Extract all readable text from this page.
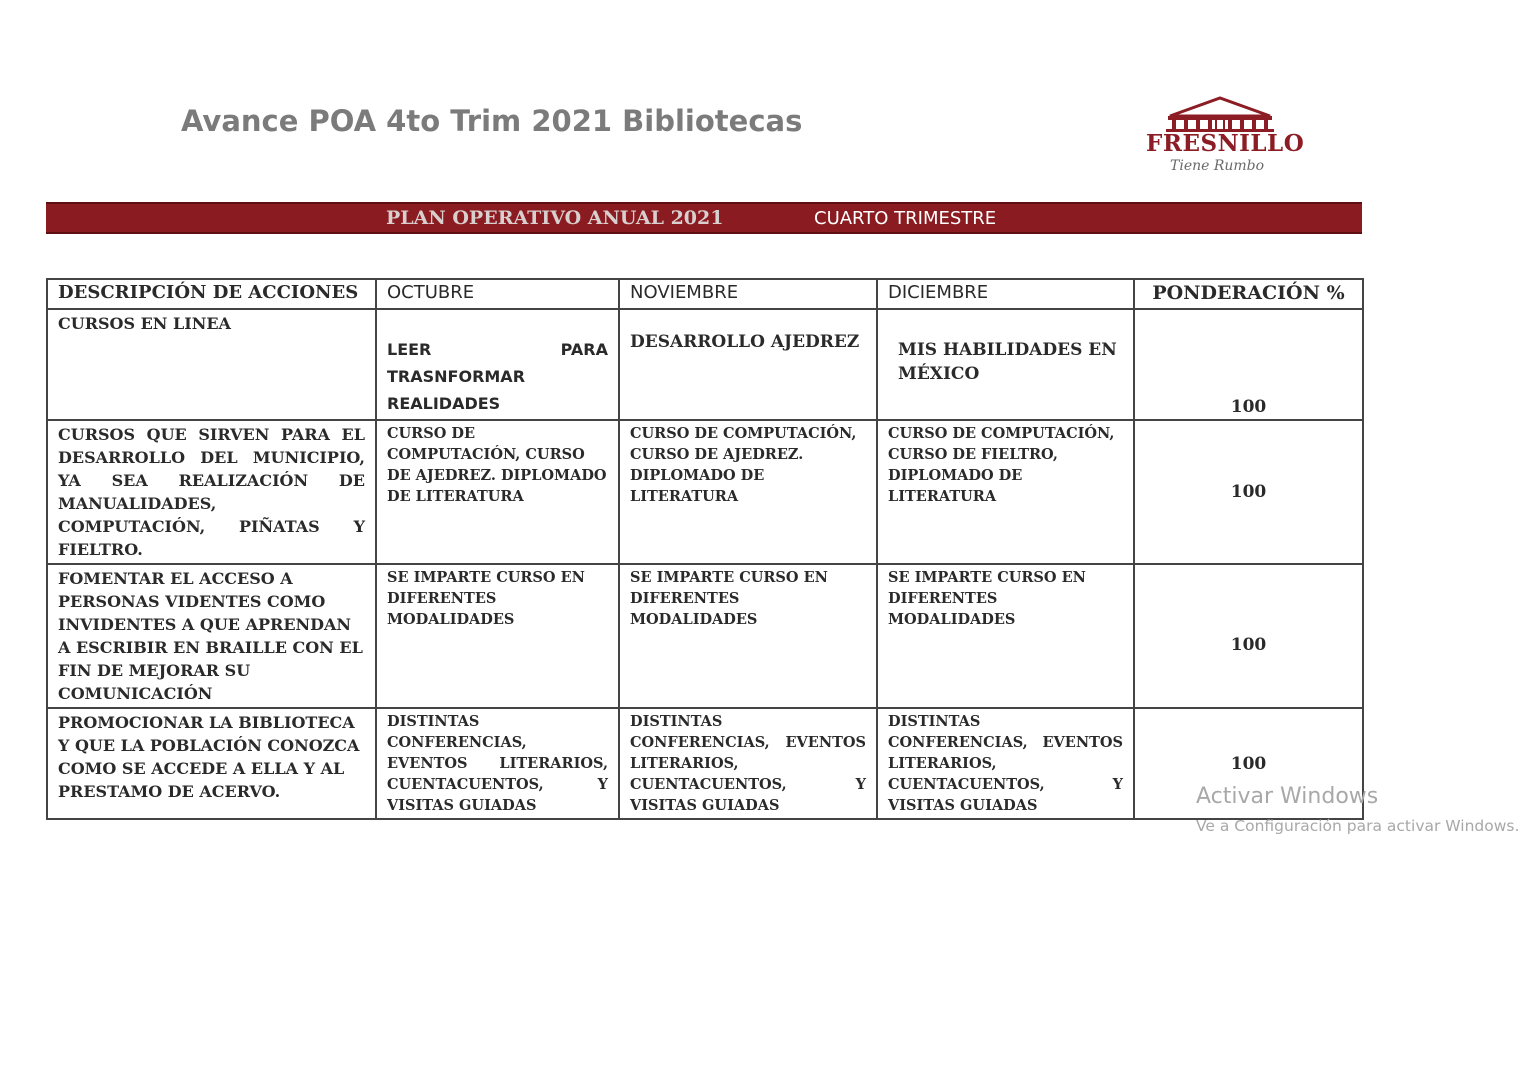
Avance POA 4to Trim 2021 Bibliotecas
FRESNILLO
Tiene Rumbo
PLAN OPERATIVO ANUAL 2021	CUARTO TRIMESTRE
DESCRIPCIÓN DE ACCIONES	OCTUBRE	NOVIEMBRE	DICIEMBRE	PONDERACIÓN %
CURSOS EN LINEA	LEER PARA TRASNFORMAR REALIDADES	DESARROLLO AJEDREZ	MIS HABILIDADES EN MÉXICO	100
CURSOS QUE SIRVEN PARA EL DESARROLLO DEL MUNICIPIO, YA SEA REALIZACIÓN DE MANUALIDADES, COMPUTACIÓN, PIÑATAS Y FIELTRO.	CURSO DE COMPUTACIÓN, CURSO DE AJEDREZ. DIPLOMADO DE LITERATURA	CURSO DE COMPUTACIÓN, CURSO DE AJEDREZ. DIPLOMADO DE LITERATURA	CURSO DE COMPUTACIÓN, CURSO DE FIELTRO, DIPLOMADO DE LITERATURA	100
FOMENTAR EL ACCESO A PERSONAS VIDENTES COMO INVIDENTES A QUE APRENDAN A ESCRIBIR EN BRAILLE CON EL FIN DE MEJORAR SU COMUNICACIÓN	SE IMPARTE CURSO EN DIFERENTES MODALIDADES	SE IMPARTE CURSO EN DIFERENTES MODALIDADES	SE IMPARTE CURSO EN DIFERENTES MODALIDADES	100
PROMOCIONAR LA BIBLIOTECA Y QUE LA POBLACIÓN CONOZCA COMO SE ACCEDE A ELLA Y AL PRESTAMO DE ACERVO.	DISTINTAS CONFERENCIAS, EVENTOS LITERARIOS, CUENTACUENTOS, Y VISITAS GUIADAS	DISTINTAS CONFERENCIAS, EVENTOS LITERARIOS, CUENTACUENTOS, Y VISITAS GUIADAS	DISTINTAS CONFERENCIAS, EVENTOS LITERARIOS, CUENTACUENTOS, Y VISITAS GUIADAS	100
Activar Windows
Ve a Configuración para activar Windows.
